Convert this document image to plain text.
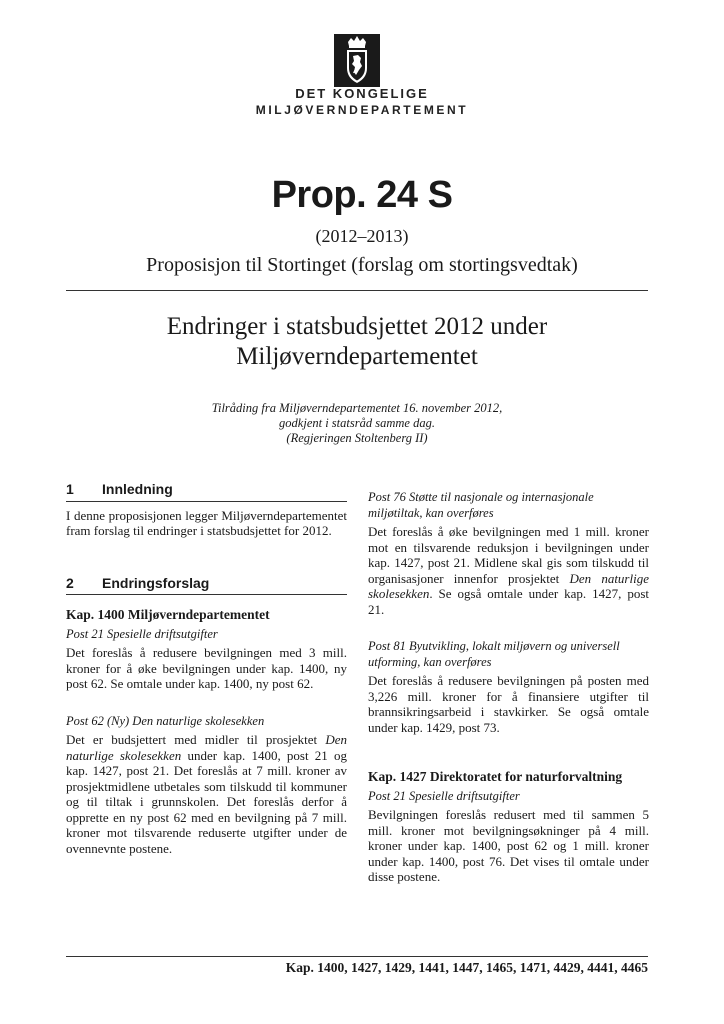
DET KONGELIGE
MILJØVERNDEPARTEMENT
Prop. 24 S
(2012–2013)
Proposisjon til Stortinget (forslag om stortingsvedtak)
Endringer i statsbudsjettet 2012 under
Miljøverndepartementet
Tilråding fra Miljøverndepartementet 16. november 2012,
godkjent i statsråd samme dag.
(Regjeringen Stoltenberg II)
1	Innledning

I denne proposisjonen legger Miljøverndepartementet fram forslag til endringer i statsbudsjettet for 2012.

2	Endringsforslag
Kap. 1400 Miljøverndepartementet
Post 21 Spesielle driftsutgifter

Det foreslås å redusere bevilgningen med 3 mill. kroner for å øke bevilgningen under kap. 1400, ny post 62. Se omtale under kap. 1400, ny post 62.

Post 62 (Ny) Den naturlige skolesekken

Det er budsjettert med midler til prosjektet Den naturlige skolesekken under kap. 1400, post 21 og kap. 1427, post 21. Det foreslås at 7 mill. kroner av prosjektmidlene utbetales som tilskudd til kommuner og til tiltak i grunnskolen. Det foreslås derfor å opprette en ny post 62 med en bevilgning på 7 mill. kroner mot tilsvarende reduserte utgifter under de ovennevnte postene.

Post 76 Støtte til nasjonale og internasjonale miljøtiltak, kan overføres

Det foreslås å øke bevilgningen med 1 mill. kroner mot en tilsvarende reduksjon i bevilgningen under kap. 1427, post 21. Midlene skal gis som tilskudd til organisasjoner innenfor prosjektet Den naturlige skolesekken. Se også omtale under kap. 1427, post 21.

Post 81 Byutvikling, lokalt miljøvern og universell utforming, kan overføres

Det foreslås å redusere bevilgningen på posten med 3,226 mill. kroner for å finansiere utgifter til brannsikringsarbeid i stavkirker. Se også omtale under kap. 1429, post 73.

Kap. 1427 Direktoratet for naturforvaltning
Post 21 Spesielle driftsutgifter

Bevilgningen foreslås redusert med til sammen 5 mill. kroner mot bevilgningsøkninger på 4 mill. kroner under kap. 1400, post 62 og 1 mill. kroner under kap. 1400, post 76. Det vises til omtale under disse postene.

Kap. 1400, 1427, 1429, 1441, 1447, 1465, 1471, 4429, 4441, 4465
